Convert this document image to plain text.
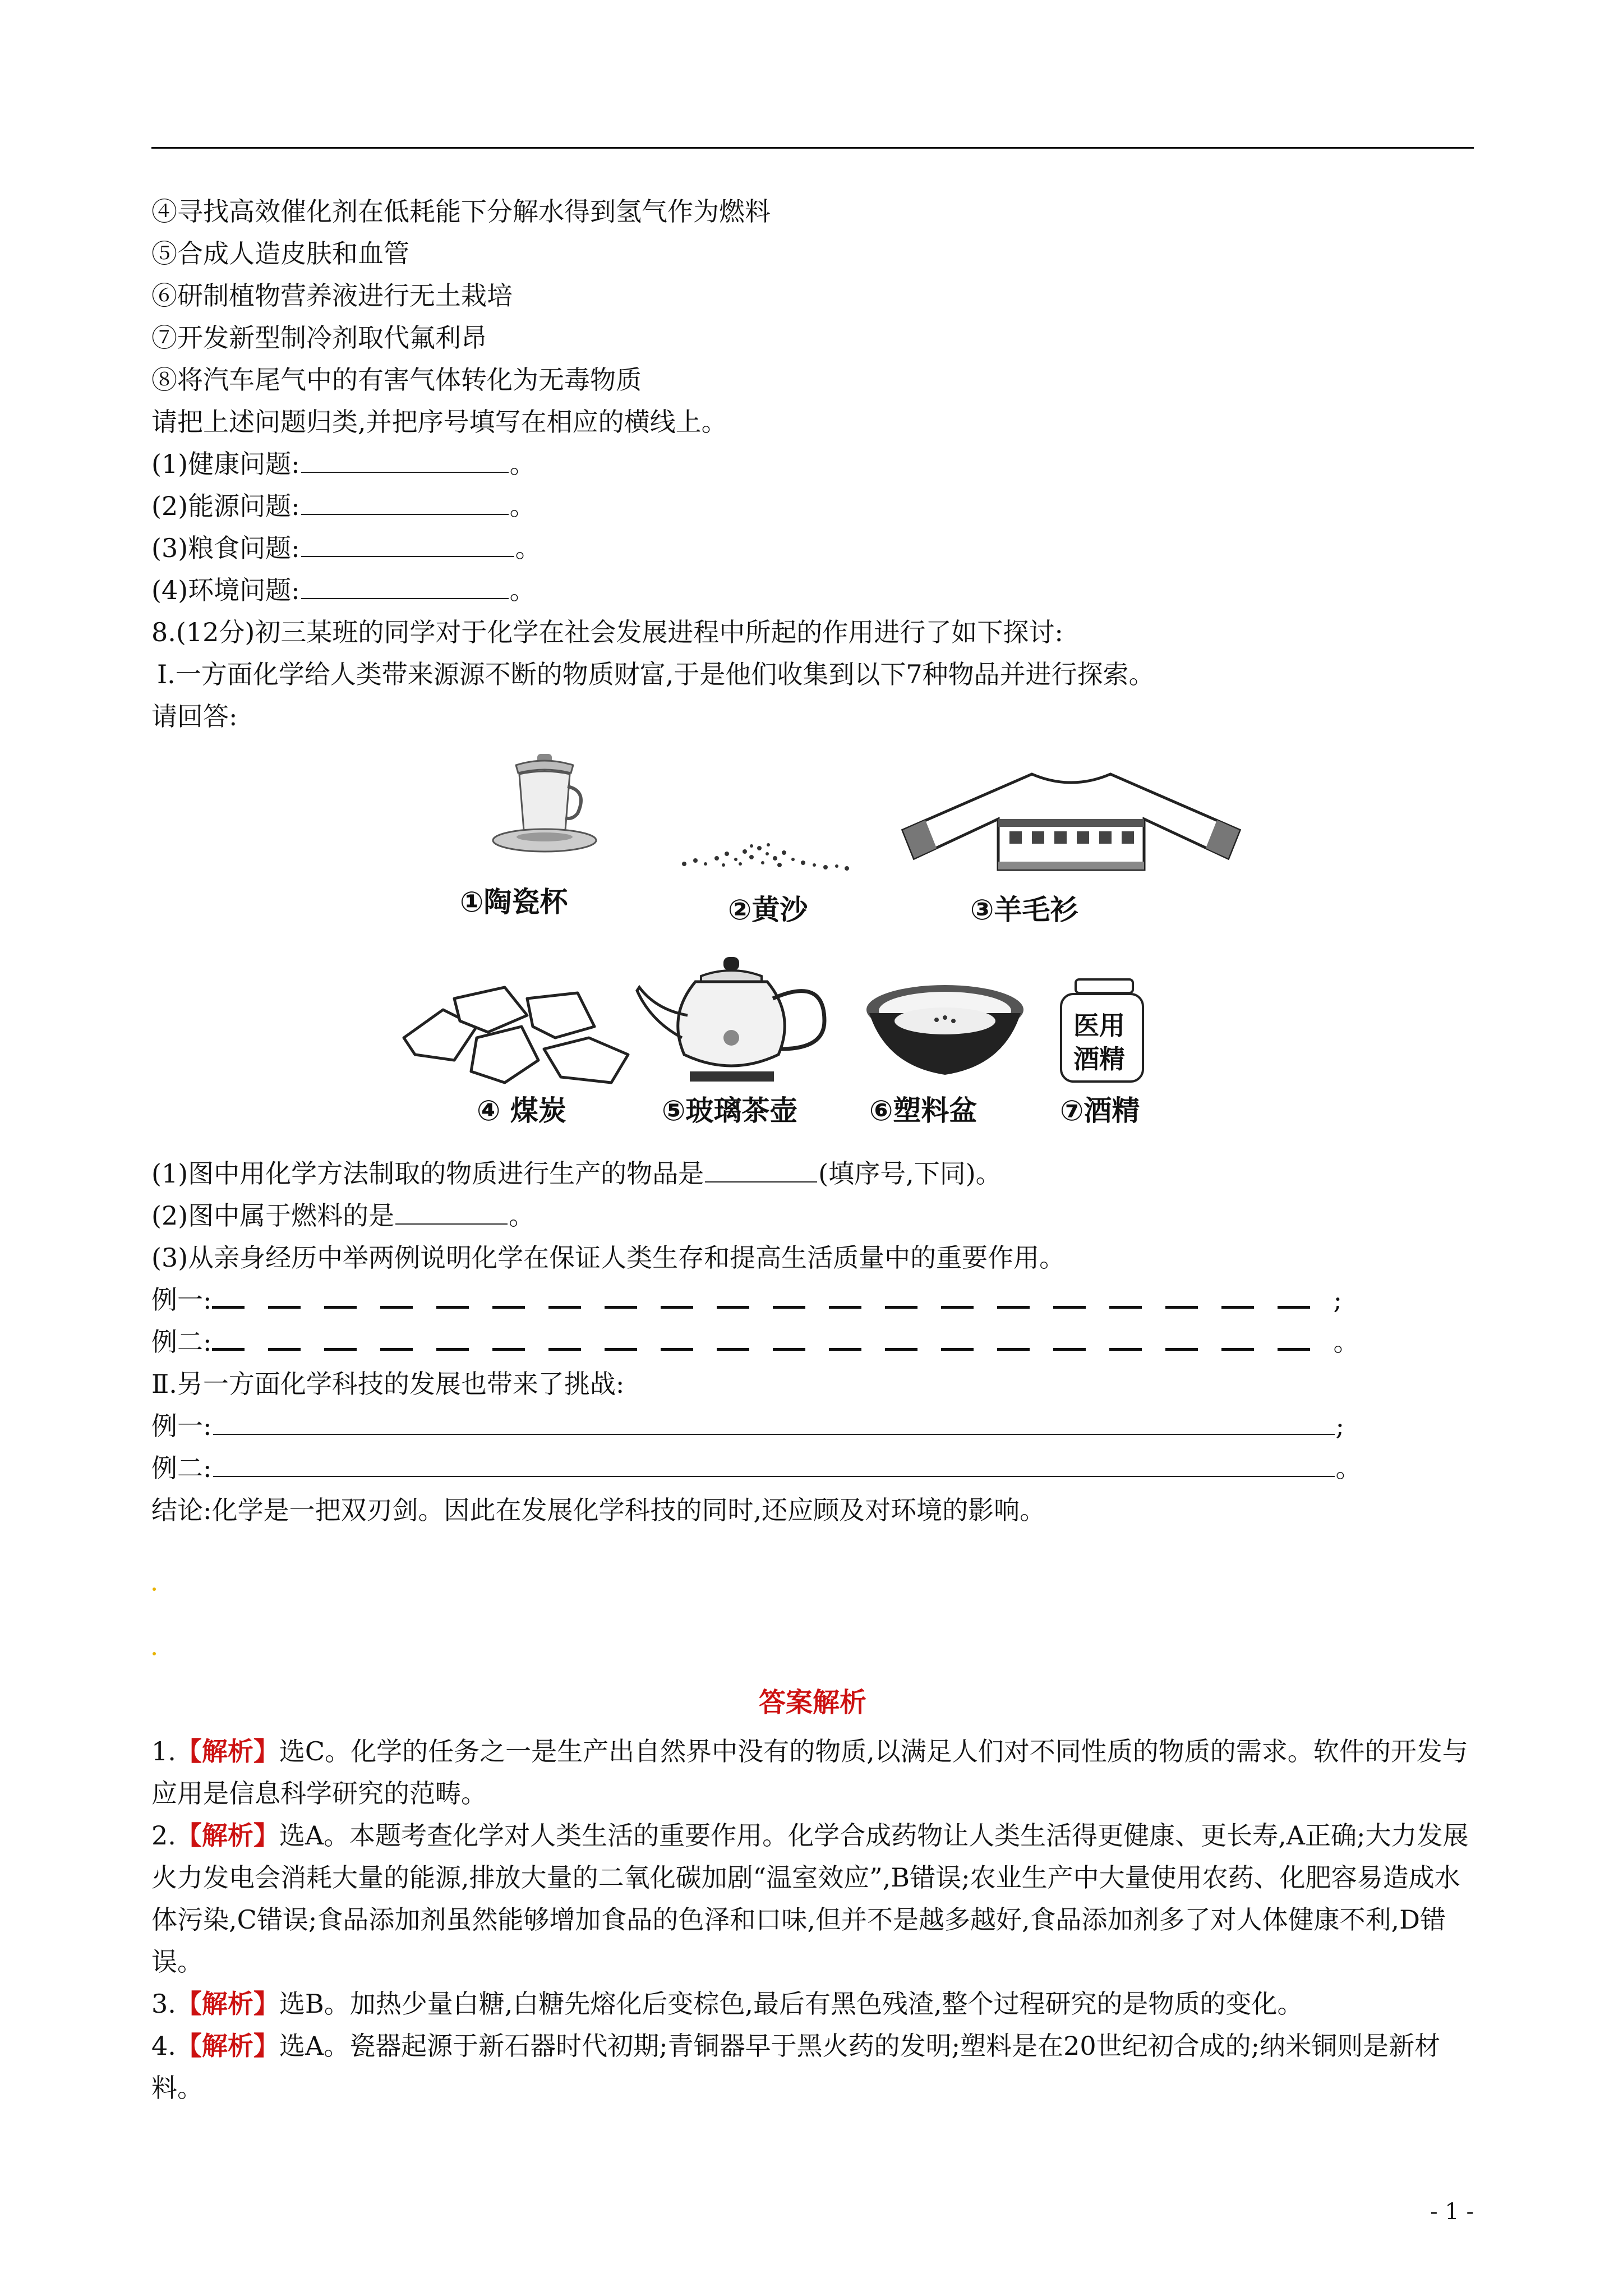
④寻找高效催化剂在低耗能下分解水得到氢气作为燃料
⑤合成人造皮肤和血管
⑥研制植物营养液进行无土栽培
⑦开发新型制冷剂取代氟利昂
⑧将汽车尾气中的有害气体转化为无毒物质
请把上述问题归类,并把序号填写在相应的横线上。
(1)健康问题:	。
(2)能源问题:	。
(3)粮食问题:	。
(4)环境问题:	。
8.(12分)初三某班的同学对于化学在社会发展进程中所起的作用进行了如下探讨:
Ⅰ.一方面化学给人类带来源源不断的物质财富,于是他们收集到以下7种物品并进行探索。
请回答:
①陶瓷杯	②黄沙	③羊毛衫
④ 煤炭	⑤玻璃茶壶	⑥塑料盆
医用
酒精
⑦酒精
(1)图中用化学方法制取的物质进行生产的物品是	(填序号,下同)。
(2)图中属于燃料的是	。
(3)从亲身经历中举两例说明化学在保证人类生存和提高生活质量中的重要作用。
例一:	;
例二:	。
Ⅱ.另一方面化学科技的发展也带来了挑战:
例一:	;
例二:	。
结论:化学是一把双刃剑。因此在发展化学科技的同时,还应顾及对环境的影响。
答案解析
1.【解析】选C。化学的任务之一是生产出自然界中没有的物质,以满足人们对不同性质的物质的需求。软件的开发与应用是信息科学研究的范畴。
2.【解析】选A。本题考查化学对人类生活的重要作用。化学合成药物让人类生活得更健康、更长寿,A正确;大力发展火力发电会消耗大量的能源,排放大量的二氧化碳加剧“温室效应”,B错误;农业生产中大量使用农药、化肥容易造成水体污染,C错误;食品添加剂虽然能够增加食品的色泽和口味,但并不是越多越好,食品添加剂多了对人体健康不利,D错误。
3.【解析】选B。加热少量白糖,白糖先熔化后变棕色,最后有黑色残渣,整个过程研究的是物质的变化。
4.【解析】选A。瓷器起源于新石器时代初期;青铜器早于黑火药的发明;塑料是在20世纪初合成的;纳米铜则是新材料。
- 1 -
